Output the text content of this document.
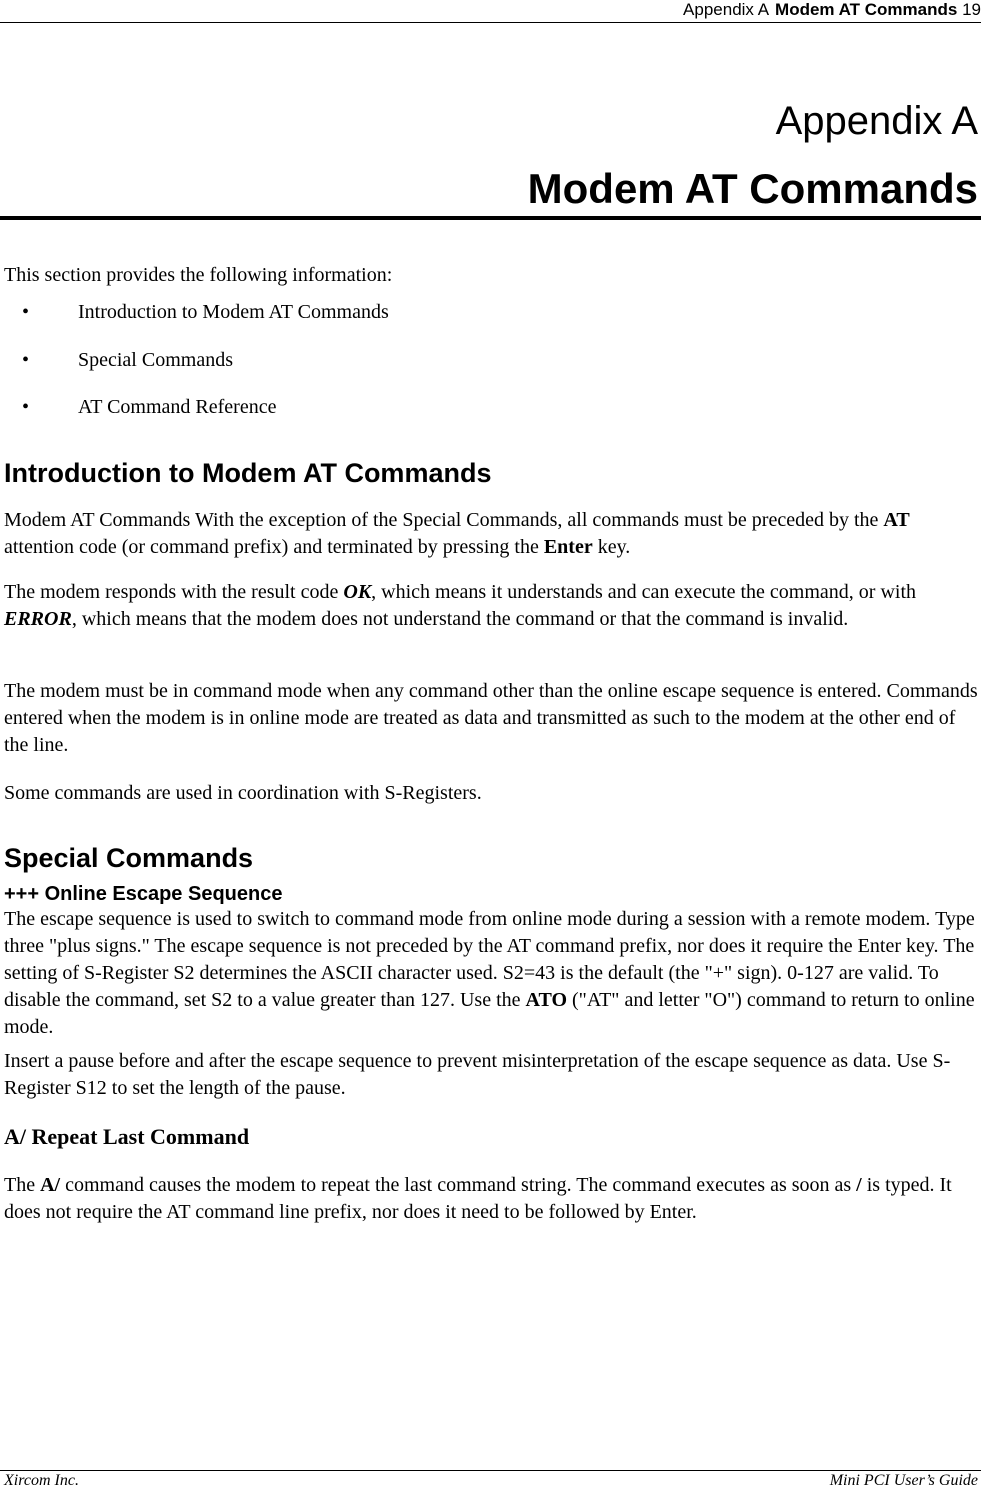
Appendix A Modem AT Commands 19
Appendix A
Modem AT Commands

This section provides the following information:

• Introduction to Modem AT Commands
• Special Commands
• AT Command Reference
Introduction to Modem AT Commands

Modem AT Commands With the exception of the Special Commands, all commands must be preceded by the AT attention code (or command prefix) and terminated by pressing the Enter key.

The modem responds with the result code OK, which means it understands and can execute the command, or with ERROR, which means that the modem does not understand the command or that the command is invalid.

The modem must be in command mode when any command other than the online escape sequence is entered. Commands entered when the modem is in online mode are treated as data and transmitted as such to the modem at the other end of the line.

Some commands are used in coordination with S-Registers.

Special Commands
+++ Online Escape Sequence

The escape sequence is used to switch to command mode from online mode during a session with a remote modem. Type three "plus signs." The escape sequence is not preceded by the AT command prefix, nor does it require the Enter key. The setting of S-Register S2 determines the ASCII character used. S2=43 is the default (the "+" sign). 0-127 are valid. To disable the command, set S2 to a value greater than 127. Use the ATO ("AT" and letter "O") command to return to online mode.

Insert a pause before and after the escape sequence to prevent misinterpretation of the escape sequence as data. Use S-Register S12 to set the length of the pause.

A/ Repeat Last Command

The A/ command causes the modem to repeat the last command string. The command executes as soon as / is typed. It does not require the AT command line prefix, nor does it need to be followed by Enter.

Xircom Inc.	Mini PCI User’s Guide
